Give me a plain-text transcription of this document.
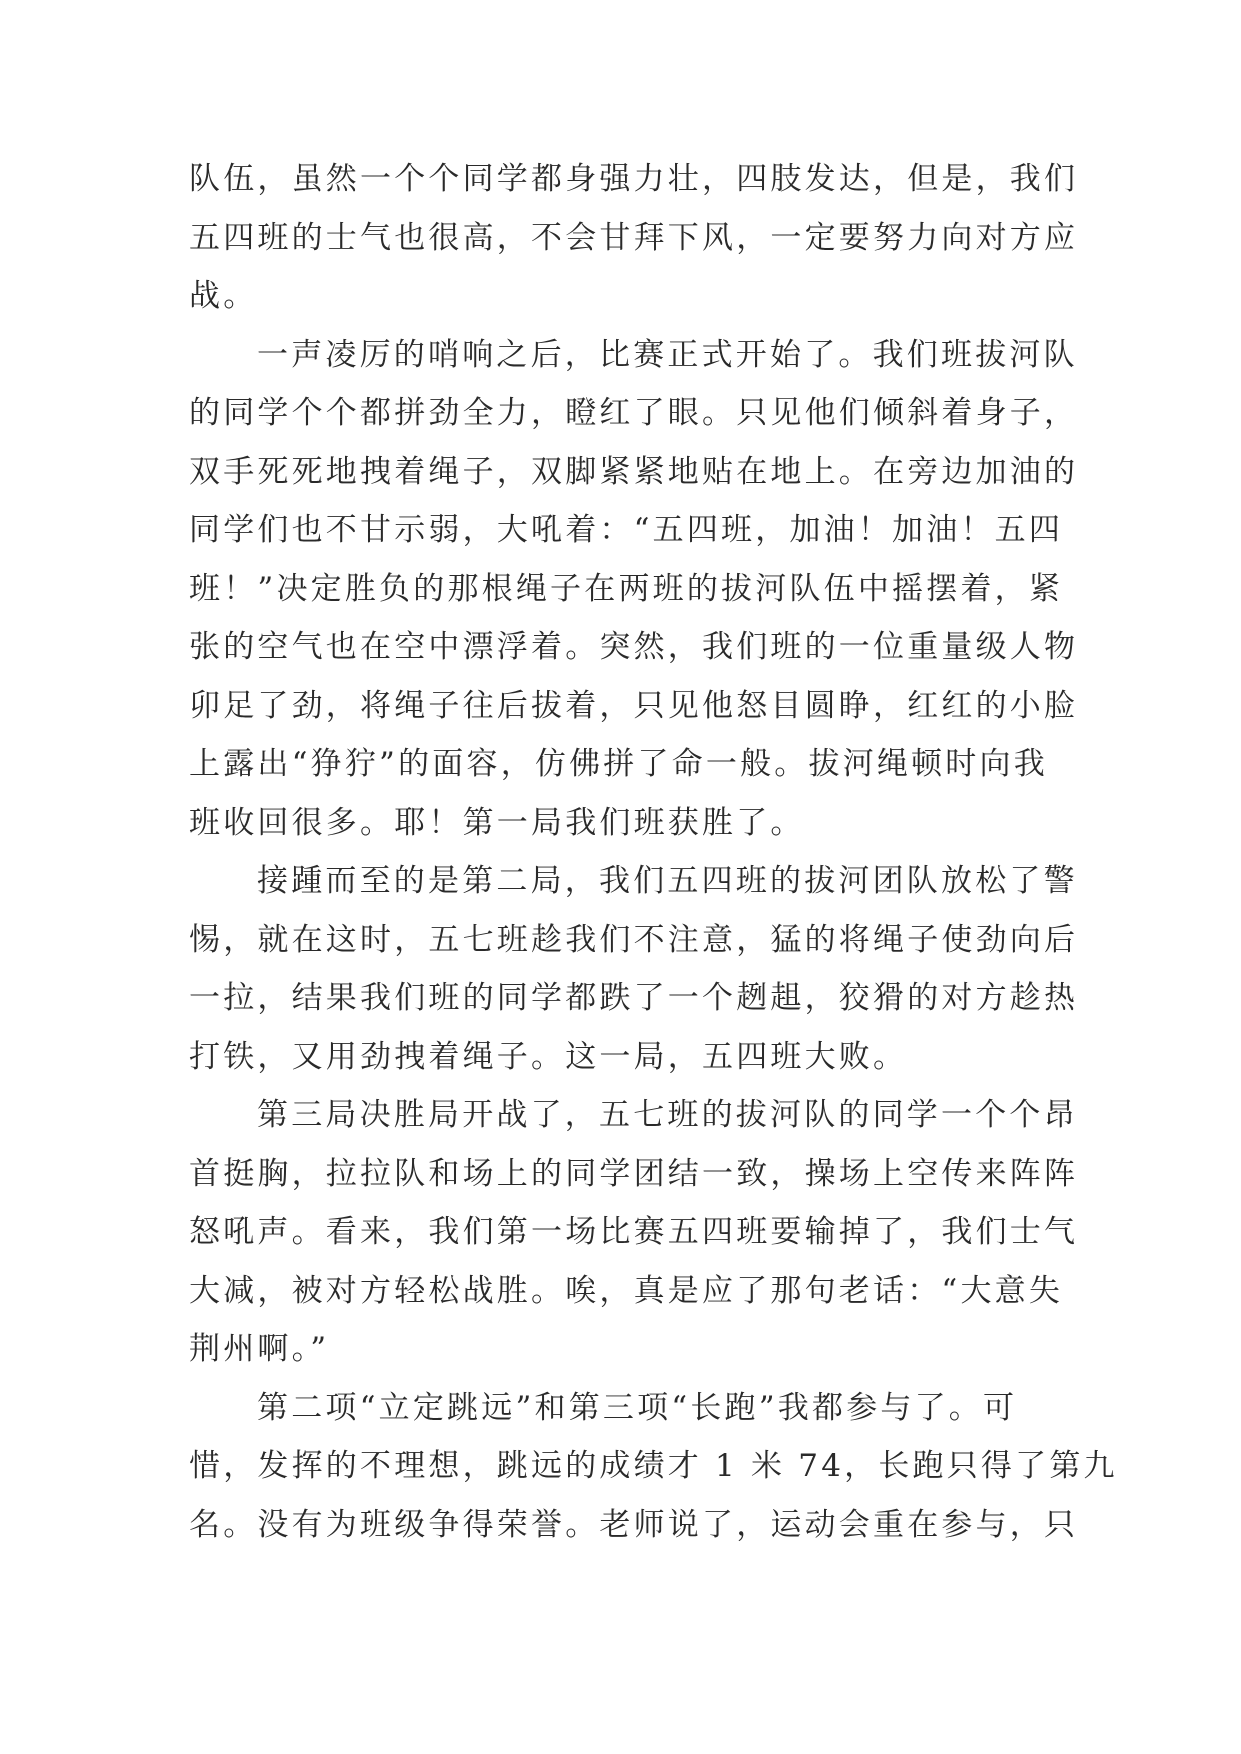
队伍，虽然一个个同学都身强力壮，四肢发达，但是，我们
五四班的士气也很高，不会甘拜下风，一定要努力向对方应
战。
一声凌厉的哨响之后，比赛正式开始了。我们班拔河队
的同学个个都拼劲全力，瞪红了眼。只见他们倾斜着身子，
双手死死地拽着绳子，双脚紧紧地贴在地上。在旁边加油的
同学们也不甘示弱，大吼着：“五四班，加油！加油！五四
班！”决定胜负的那根绳子在两班的拔河队伍中摇摆着，紧
张的空气也在空中漂浮着。突然，我们班的一位重量级人物
卯足了劲，将绳子往后拔着，只见他怒目圆睁，红红的小脸
上露出“狰狞”的面容，仿佛拼了命一般。拔河绳顿时向我
班收回很多。耶！第一局我们班获胜了。
接踵而至的是第二局，我们五四班的拔河团队放松了警
惕，就在这时，五七班趁我们不注意，猛的将绳子使劲向后
一拉，结果我们班的同学都跌了一个趔趄，狡猾的对方趁热
打铁，又用劲拽着绳子。这一局，五四班大败。
第三局决胜局开战了，五七班的拔河队的同学一个个昂
首挺胸，拉拉队和场上的同学团结一致，操场上空传来阵阵
怒吼声。看来，我们第一场比赛五四班要输掉了，我们士气
大减，被对方轻松战胜。唉，真是应了那句老话：“大意失
荆州啊。”
第二项“立定跳远”和第三项“长跑”我都参与了。可
惜，发挥的不理想，跳远的成绩才 1 米 74，长跑只得了第九
名。没有为班级争得荣誉。老师说了，运动会重在参与，只
